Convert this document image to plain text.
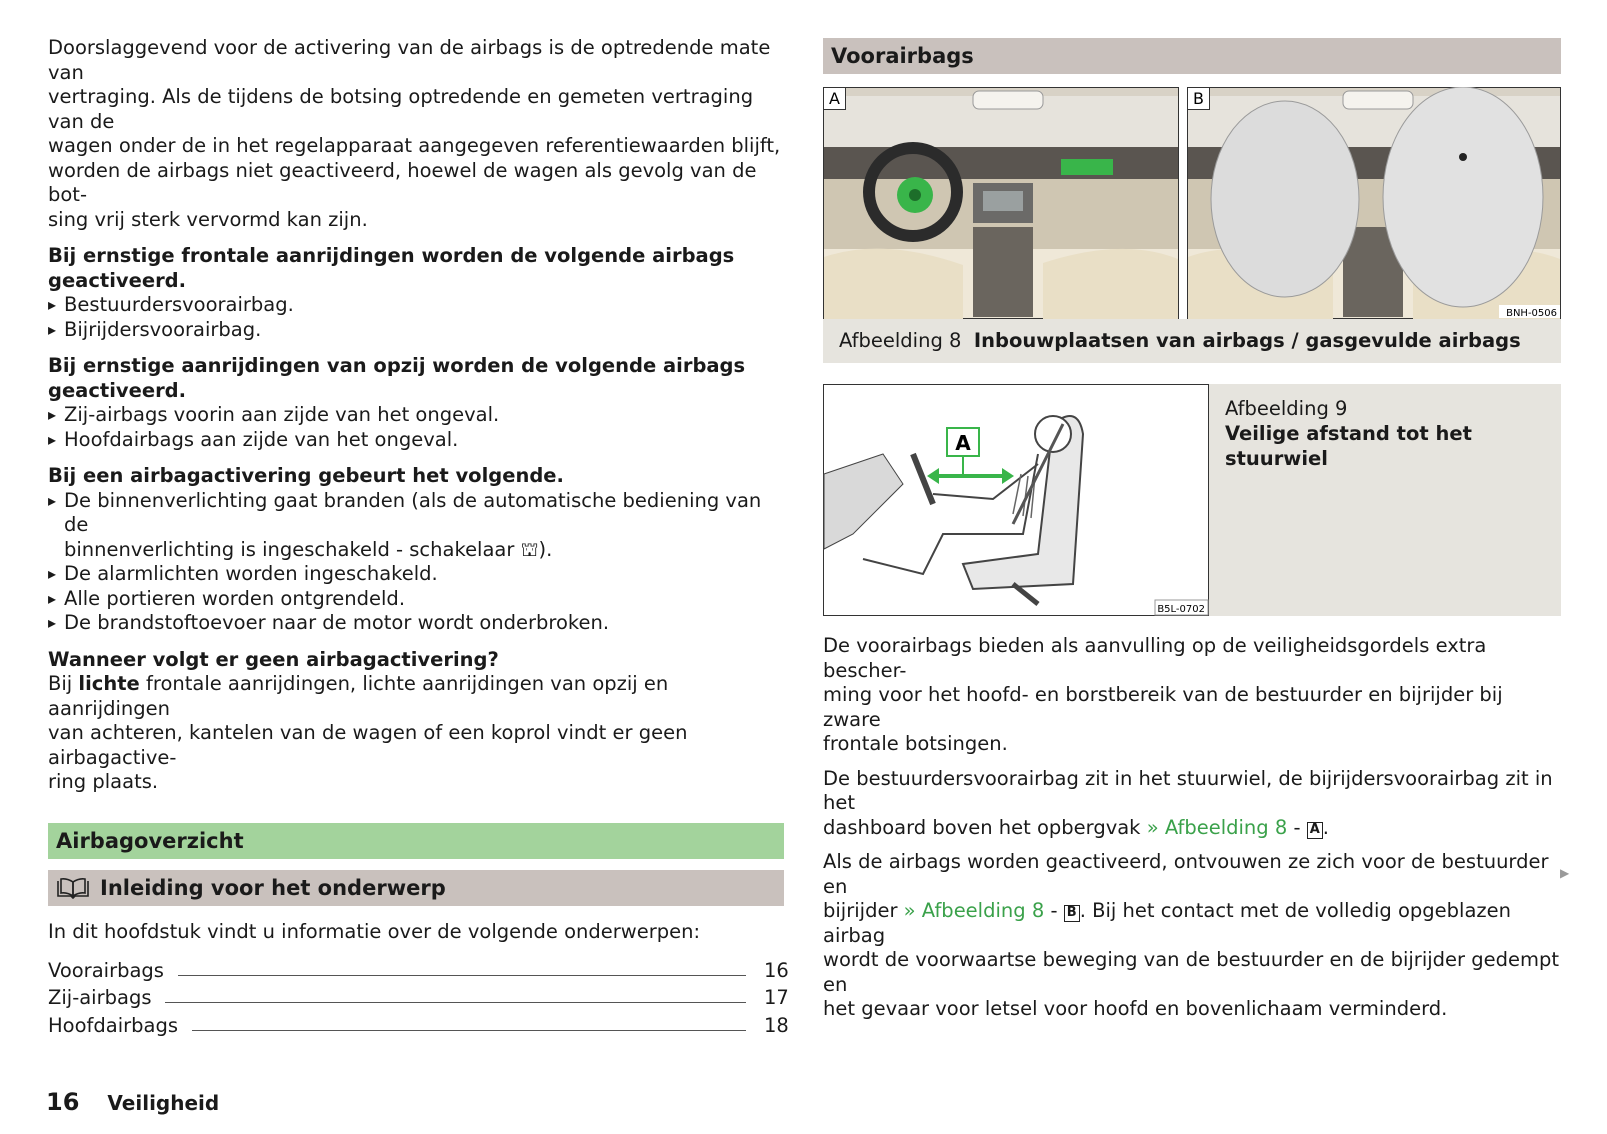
Doorslaggevend voor de activering van de airbags is de optredende mate van

vertraging. Als de tijdens de botsing optredende en gemeten vertraging van de

wagen onder de in het regelapparaat aangegeven referentiewaarden blijft,

worden de airbags niet geactiveerd, hoewel de wagen als gevolg van de bot-

sing vrij sterk vervormd kan zijn.

Bij ernstige frontale aanrijdingen worden de volgende airbags geactiveerd.

▸ Bestuurdersvoorairbag.
▸ Bijrijdersvoorairbag.

Bij ernstige aanrijdingen van opzij worden de volgende airbags geactiveerd.

▸ Zij-airbags voorin aan zijde van het ongeval.
▸ Hoofdairbags aan zijde van het ongeval.

Bij een airbagactivering gebeurt het volgende.

▸ De binnenverlichting gaat branden (als de automatische bediening van de
binnenverlichting is ingeschakeld - schakelaar ⛫).
▸ De alarmlichten worden ingeschakeld.
▸ Alle portieren worden ontgrendeld.
▸ De brandstoftoevoer naar de motor wordt onderbroken.

Wanneer volgt er geen airbagactivering?

Bij lichte frontale aanrijdingen, lichte aanrijdingen van opzij en aanrijdingen

van achteren, kantelen van de wagen of een koprol vindt er geen airbagactive-

ring plaats.

Airbagoverzicht
Inleiding voor het onderwerp

In dit hoofdstuk vindt u informatie over de volgende onderwerpen:

Voorairbags	16
Zij-airbags	17
Hoofdairbags	18
Voorairbags
A	B
BNH-0506
Afbeelding 8 Inbouwplaatsen van airbags / gasgevulde airbags
A
B5L-0702
Afbeelding 9
Veilige afstand tot het stuurwiel

De voorairbags bieden als aanvulling op de veiligheidsgordels extra bescher-
ming voor het hoofd- en borstbereik van de bestuurder en bijrijder bij zware
frontale botsingen.

De bestuurdersvoorairbag zit in het stuurwiel, de bijrijdersvoorairbag zit in het
dashboard boven het opbergvak » Afbeelding 8 - A .

Als de airbags worden geactiveerd, ontvouwen ze zich voor de bestuurder en
bijrijder » Afbeelding 8 - B . Bij het contact met de volledig opgeblazen airbag
wordt de voorwaartse beweging van de bestuurder en de bijrijder gedempt en
het gevaar voor letsel voor hoofd en bovenlichaam verminderd.

▶
16 Veiligheid
